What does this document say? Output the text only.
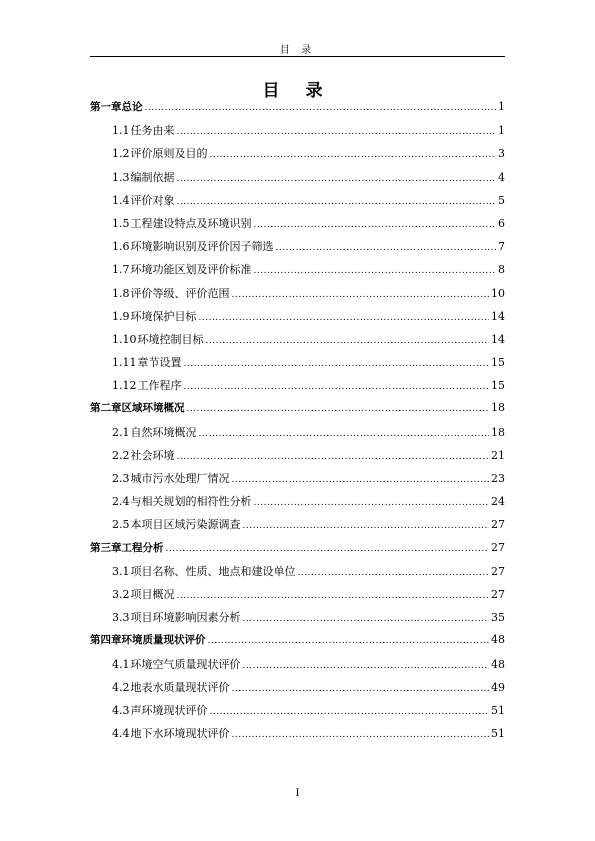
目 录
目 录
第一章 总论 .....	1
1.1 任务由来 .....	1
1.2 评价原则及目的 .....	3
1.3 编制依据 .....	4
1.4 评价对象 .....	5
1.5 工程建设特点及环境识别 .....	6
1.6 环境影响识别及评价因子筛选 .....	7
1.7 环境功能区划及评价标准 .....	8
1.8 评价等级、评价范围 .....	10
1.9 环境保护目标 .....	14
1.10 环境控制目标 .....	14
1.11 章节设置 .....	15
1.12 工作程序 .....	15
第二章 区域环境概况 .....	18
2.1 自然环境概况 .....	18
2.2 社会环境 .....	21
2.3 城市污水处理厂情况 .....	23
2.4 与相关规划的相符性分析 .....	24
2.5 本项目区域污染源调查 .....	27
第三章 工程分析 .....	27
3.1 项目名称、性质、地点和建设单位 .....	27
3.2 项目概况 .....	27
3.3 项目环境影响因素分析 .....	35
第四章 环境质量现状评价 .....	48
4.1 环境空气质量现状评价 .....	48
4.2 地表水质量现状评价 .....	49
4.3 声环境现状评价 .....	51
4.4 地下水环境现状评价 .....	51
I
